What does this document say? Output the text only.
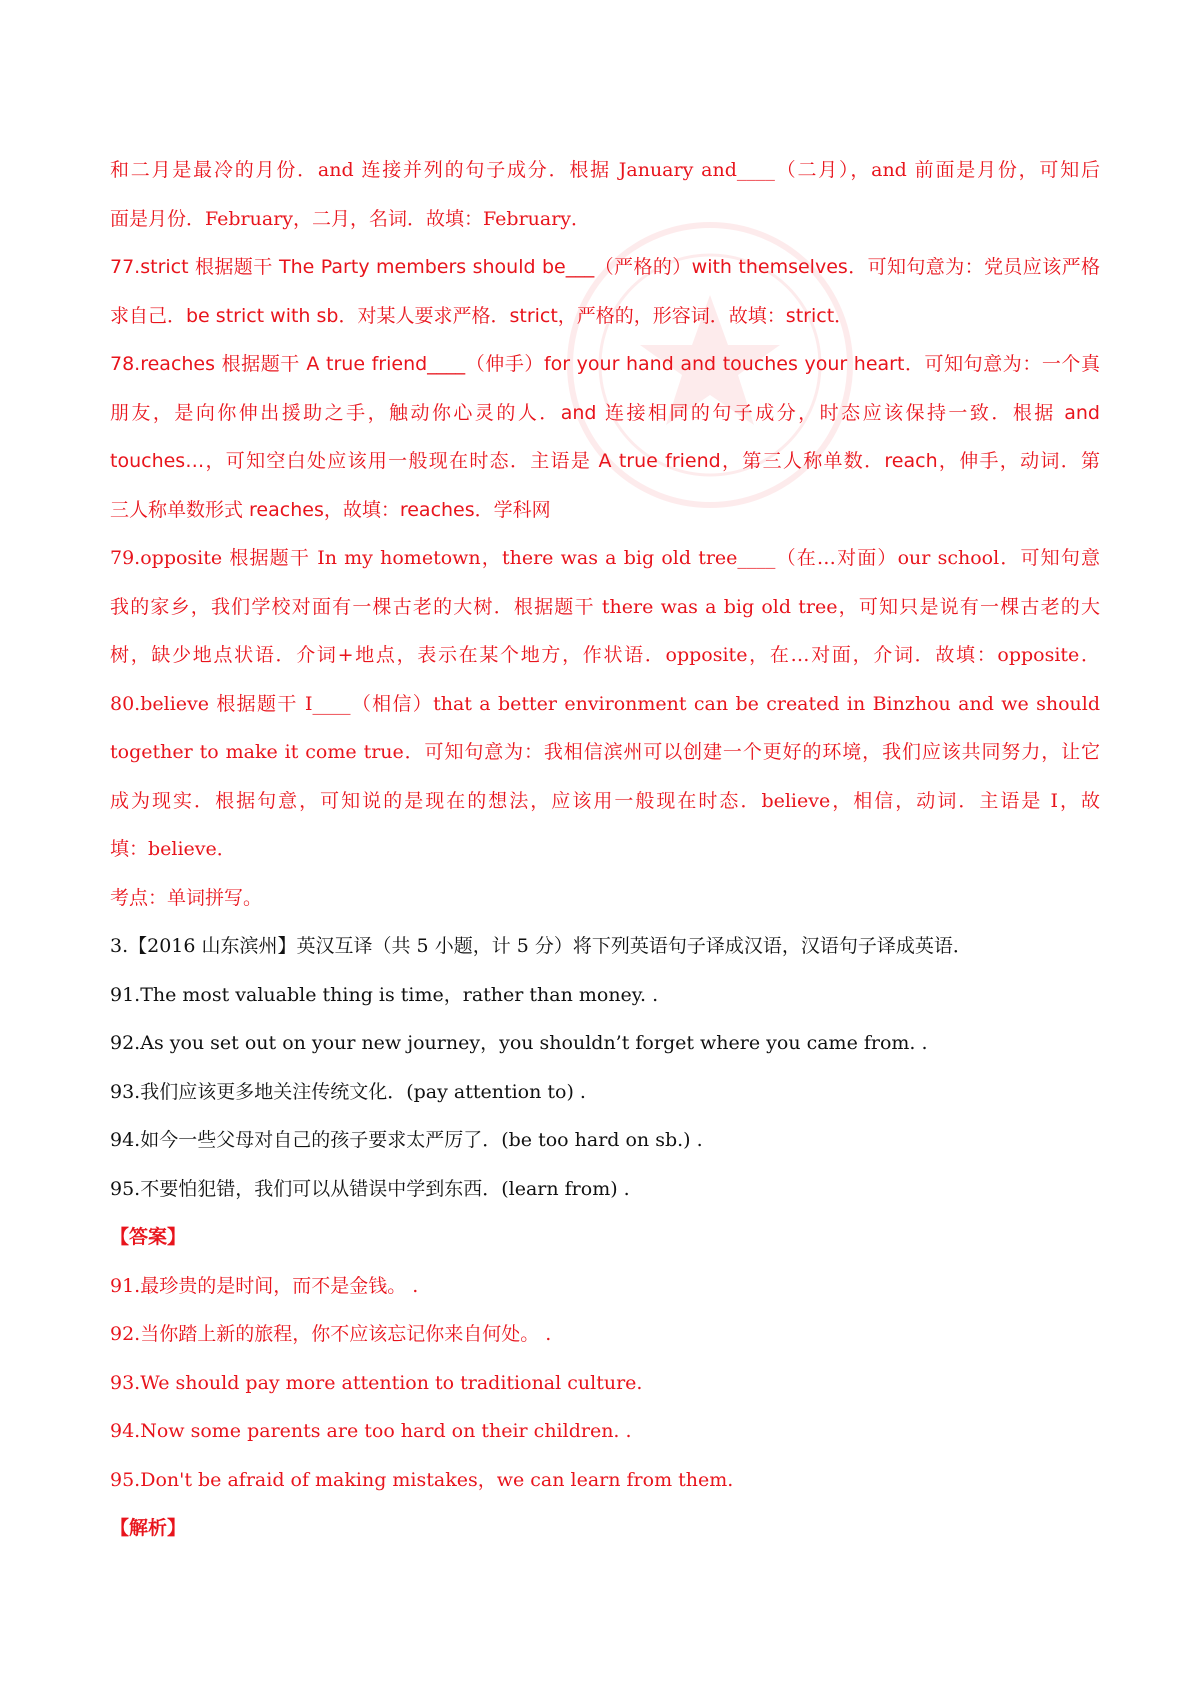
和二月是最冷的月份．and 连接并列的句子成分．根据 January and____（二月），and 前面是月份，可知后
面是月份．February，二月，名词．故填：February．
77.strict 根据题干 The Party members should be___（严格的）with themselves．可知句意为：党员应该严格
求自己．be strict with sb．对某人要求严格．strict，严格的，形容词．故填：strict．
78.reaches 根据题干 A true friend____（伸手）for your hand and touches your heart．可知句意为：一个真
朋友，是向你伸出援助之手，触动你心灵的人．and 连接相同的句子成分，时态应该保持一致．根据 and
touches…，可知空白处应该用一般现在时态．主语是 A true friend，第三人称单数．reach，伸手，动词．第
三人称单数形式 reaches，故填：reaches．学科网
79.opposite 根据题干 In my hometown，there was a big old tree____（在…对面）our school．可知句意
我的家乡，我们学校对面有一棵古老的大树．根据题干 there was a big old tree，可知只是说有一棵古老的大
树，缺少地点状语．介词+地点，表示在某个地方，作状语．opposite，在…对面，介词．故填：opposite．
80.believe 根据题干 I____（相信）that a better environment can be created in Binzhou and we should
together to make it come true．可知句意为：我相信滨州可以创建一个更好的环境，我们应该共同努力，让它
成为现实．根据句意，可知说的是现在的想法，应该用一般现在时态．believe，相信，动词．主语是 I，故
填：believe．
考点：单词拼写。
3.【2016 山东滨州】英汉互译（共 5 小题，计 5 分）将下列英语句子译成汉语，汉语句子译成英语．
91.The most valuable thing is time，rather than money. .
92.As you set out on your new journey，you shouldn’t forget where you came from. .
93.我们应该更多地关注传统文化．(pay attention to) .
94.如今一些父母对自己的孩子要求太严厉了．(be too hard on sb.) .
95.不要怕犯错，我们可以从错误中学到东西．(learn from) .
【答案】
91.最珍贵的是时间，而不是金钱。 .
92.当你踏上新的旅程，你不应该忘记你来自何处。 .
93.We should pay more attention to traditional culture.
94.Now some parents are too hard on their children. .
95.Don't be afraid of making mistakes，we can learn from them.
【解析】
